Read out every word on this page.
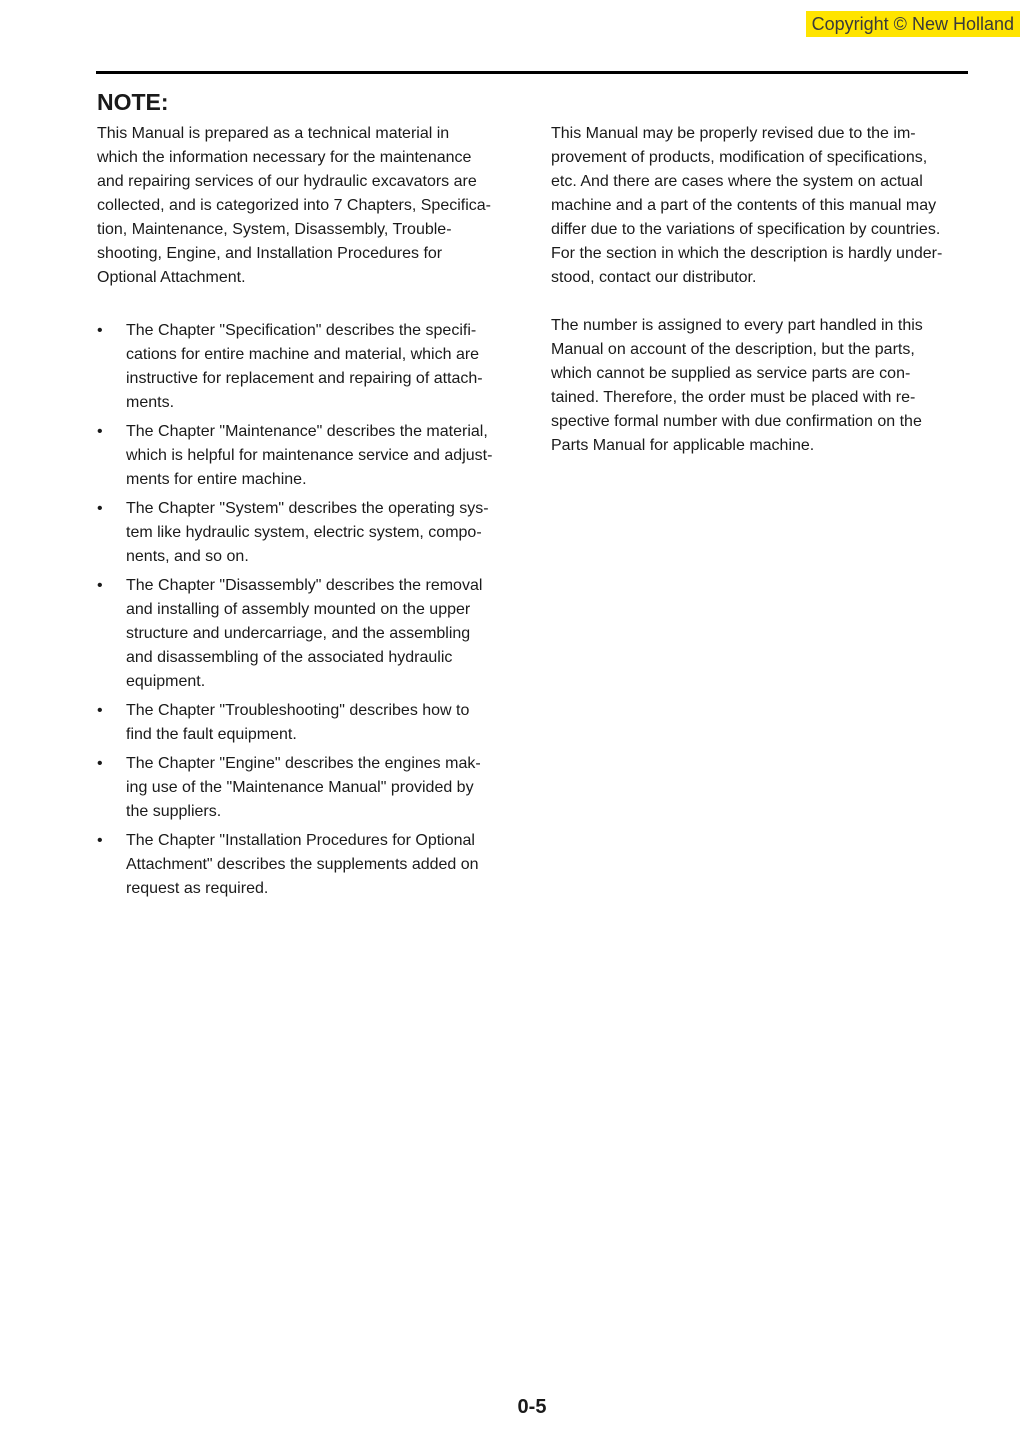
Copyright © New Holland
NOTE:

This Manual is prepared as a technical material in
which the information necessary for the maintenance
and repairing services of our hydraulic excavators are
collected, and is categorized into 7 Chapters, Specifica-
tion, Maintenance, System, Disassembly, Trouble-
shooting, Engine, and Installation Procedures for
Optional Attachment.

• The Chapter "Specification" describes the specifi-
cations for entire machine and material, which are
instructive for replacement and repairing of attach-
ments.
• The Chapter "Maintenance" describes the material,
which is helpful for maintenance service and adjust-
ments for entire machine.
• The Chapter "System" describes the operating sys-
tem like hydraulic system, electric system, compo-
nents, and so on.
• The Chapter "Disassembly" describes the removal
and installing of assembly mounted on the upper
structure and undercarriage, and the assembling
and disassembling of the associated hydraulic
equipment.
• The Chapter "Troubleshooting" describes how to
find the fault equipment.
• The Chapter "Engine" describes the engines mak-
ing use of the "Maintenance Manual" provided by
the suppliers.
• The Chapter "Installation Procedures for Optional
Attachment" describes the supplements added on
request as required.

This Manual may be properly revised due to the im-
provement of products, modification of specifications,
etc. And there are cases where the system on actual
machine and a part of the contents of this manual may
differ due to the variations of specification by countries.
For the section in which the description is hardly under-
stood, contact our distributor.

The number is assigned to every part handled in this
Manual on account of the description, but the parts,
which cannot be supplied as service parts are con-
tained. Therefore, the order must be placed with re-
spective formal number with due confirmation on the
Parts Manual for applicable machine.

0-5
